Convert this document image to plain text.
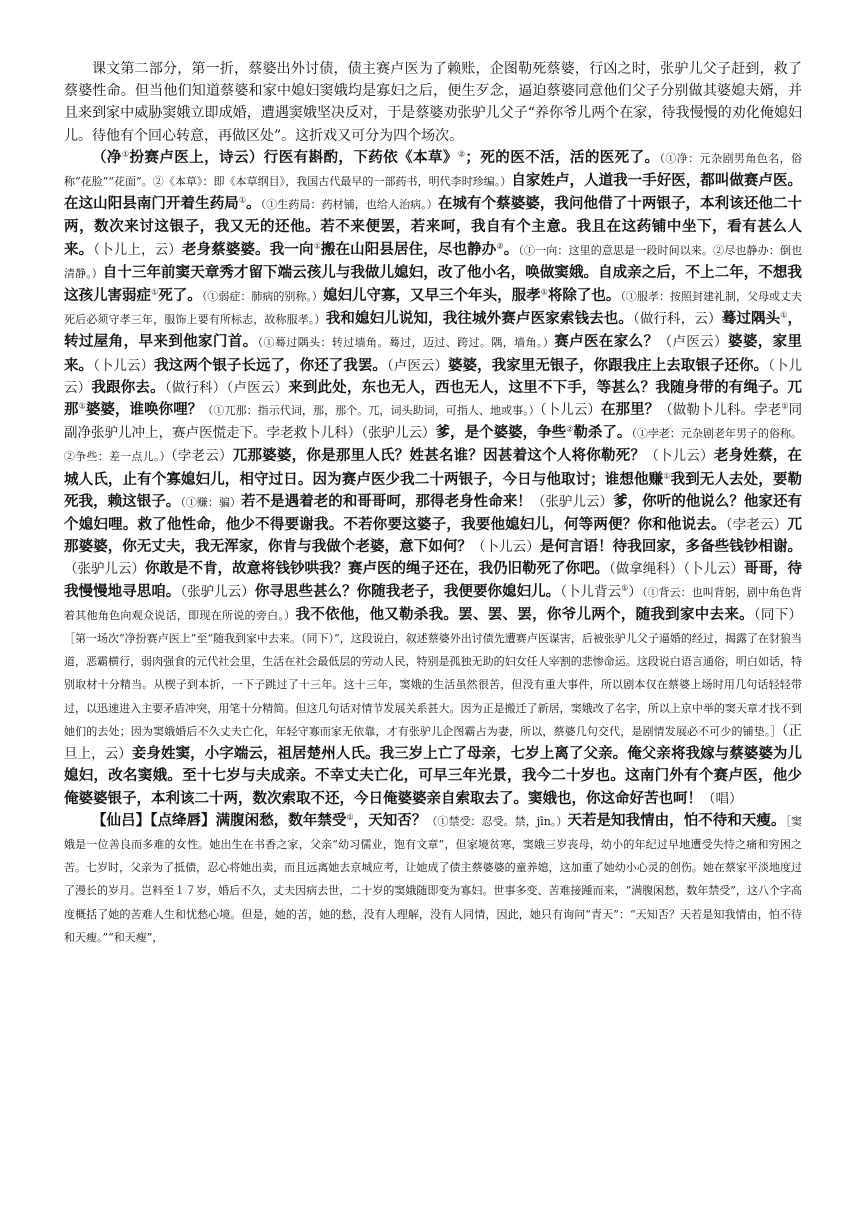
课文第二部分，第一折，蔡婆出外讨债，债主赛卢医为了赖账，企图勒死蔡婆，行凶之时，张驴儿父子赶到，救了蔡婆性命。但当他们知道蔡婆和家中媳妇窦娥均是寡妇之后，便生歹念，逼迫蔡婆同意他们父子分别做其婆媳夫婿，并且来到家中威胁窦娥立即成婚，遭遇窦娥坚决反对，于是蔡婆劝张驴儿父子“养你爷儿两个在家，待我慢慢的劝化俺媳妇儿。待他有个回心转意，再做区处”。这折戏又可分为四个场次。

（净①扮赛卢医上，诗云）行医有斟酌，下药依《本草》②；死的医不活，活的医死了。（①净：元杂剧男角色名，俗称“花脸”“花面”。②《本草》：即《本草纲目》，我国古代最早的一部药书，明代李时珍编。）自家姓卢，人道我一手好医，都叫做赛卢医。在这山阳县南门开着生药局①。（①生药局：药材铺，也给人治病。）在城有个蔡婆婆，我问他借了十两银子，本利该还他二十两，数次来讨这银子，我又无的还他。若不来便罢，若来呵，我自有个主意。我且在这药铺中坐下，看有甚么人来。（卜儿上，云）老身蔡婆婆。我一向①搬在山阳县居住，尽也静办②。（①一向：这里的意思是一段时间以来。②尽也静办：倒也清静。）自十三年前窦天章秀才留下端云孩儿与我做儿媳妇，改了他小名，唤做窦娥。自成亲之后，不上二年，不想我这孩儿害弱症①死了。（①弱症：肺病的别称。）媳妇儿守寡，又早三个年头，服孝①将除了也。（①服孝：按照封建礼制，父母或丈夫死后必须守孝三年，服饰上要有所标志，故称服孝。）我和媳妇儿说知，我往城外赛卢医家索钱去也。（做行科，云）蓦过隅头①，转过屋角，早来到他家门首。（①蓦过隅头：转过墙角。蓦过，迈过、跨过。隅，墙角。）赛卢医在家么？（卢医云）婆婆，家里来。（卜儿云）我这两个银子长远了，你还了我罢。（卢医云）婆婆，我家里无银子，你跟我庄上去取银子还你。（卜儿云）我跟你去。（做行科）（卢医云）来到此处，东也无人，西也无人，这里不下手，等甚么？我随身带的有绳子。兀那①婆婆，谁唤你哩？（①兀那：指示代词，那，那个。兀，词头助词，可指人、地或事。）（卜儿云）在那里？（做勒卜儿科。孛老①同副净张驴儿冲上，赛卢医慌走下。孛老救卜儿科）（张驴儿云）爹，是个婆婆，争些②勒杀了。（①孛老：元杂剧老年男子的俗称。②争些：差一点儿。）（孛老云）兀那婆婆，你是那里人氏？姓甚名谁？因甚着这个人将你勒死？（卜儿云）老身姓蔡，在城人氏，止有个寡媳妇儿，相守过日。因为赛卢医少我二十两银子，今日与他取讨；谁想他赚①我到无人去处，要勒死我，赖这银子。（①赚：骗）若不是遇着老的和哥哥呵，那得老身性命来！（张驴儿云）爹，你听的他说么？他家还有个媳妇哩。救了他性命，他少不得要谢我。不若你要这婆子，我要他媳妇儿，何等两便？你和他说去。（孛老云）兀那婆婆，你无丈夫，我无浑家，你肯与我做个老婆，意下如何？（卜儿云）是何言语！待我回家，多备些钱钞相谢。（张驴儿云）你敢是不肯，故意将钱钞哄我？赛卢医的绳子还在，我仍旧勒死了你吧。（做拿绳科）（卜儿云）哥哥，待我慢慢地寻思咱。（张驴儿云）你寻思些甚么？你随我老子，我便要你媳妇儿。（卜儿背云①）（①背云：也叫背躬，剧中角色背着其他角色向观众说话，即现在所说的旁白。）我不依他，他又勒杀我。罢、罢、罢，你爷儿两个，随我到家中去来。（同下）［第一场次“净扮赛卢医上”至“随我到家中去来。（同下）”，这段说白，叙述蔡婆外出讨债先遭赛卢医谋害，后被张驴儿父子逼婚的经过，揭露了在豺狼当道，恶霸横行，弱肉强食的元代社会里，生活在社会最低层的劳动人民，特别是孤独无助的妇女任人宰割的悲惨命运。这段说白语言通俗，明白如话，特别取材十分精当。从楔子到本折，一下子跳过了十三年。这十三年，窦娥的生活虽然很苦，但没有重大事件，所以剧本仅在蔡婆上场时用几句话轻轻带过，以迅速进入主要矛盾冲突，用笔十分精简。但这几句话对情节发展关系甚大。因为正是搬迁了新居，窦娥改了名字，所以上京中举的窦天章才找不到她们的去处；因为窦娥婚后不久丈夫亡化，年轻守寡而家无依靠，才有张驴儿企图霸占为妻，所以，蔡婆几句交代，是剧情发展必不可少的铺垫。］（正旦上，云）妾身姓窦，小字端云，祖居楚州人氏。我三岁上亡了母亲，七岁上离了父亲。俺父亲将我嫁与蔡婆婆为儿媳妇，改名窦娥。至十七岁与夫成亲。不幸丈夫亡化，可早三年光景，我今二十岁也。这南门外有个赛卢医，他少俺婆婆银子，本利该二十两，数次索取不还，今日俺婆婆亲自索取去了。窦娥也，你这命好苦也呵！（唱）

【仙吕】【点绛唇】满腹闲愁，数年禁受①，天知否？（①禁受：忍受。禁，jīn。）天若是知我情由，怕不待和天瘦。［窦娥是一位善良而多难的女性。她出生在书香之家，父亲“幼习儒业，饱有文章”，但家境贫寒，窦娥三岁丧母，幼小的年纪过早地遭受失恃之痛和穷困之苦。七岁时，父亲为了抵债，忍心将她出卖，而且远离她去京城应考，让她成了债主蔡婆婆的童养媳，这加重了她幼小心灵的创伤。她在蔡家平淡地度过了漫长的岁月。岂料至１７岁，婚后不久，丈夫因病去世，二十岁的窦娥随即变为寡妇。世事多变、苦难接踵而来，“满腹闲愁，数年禁受”，这八个字高度概括了她的苦难人生和忧愁心境。但是，她的苦，她的愁，没有人理解，没有人同情，因此，她只有询问“青天”：“天知否？天若是知我情由，怕不待和天瘦。”“和天瘦”，
